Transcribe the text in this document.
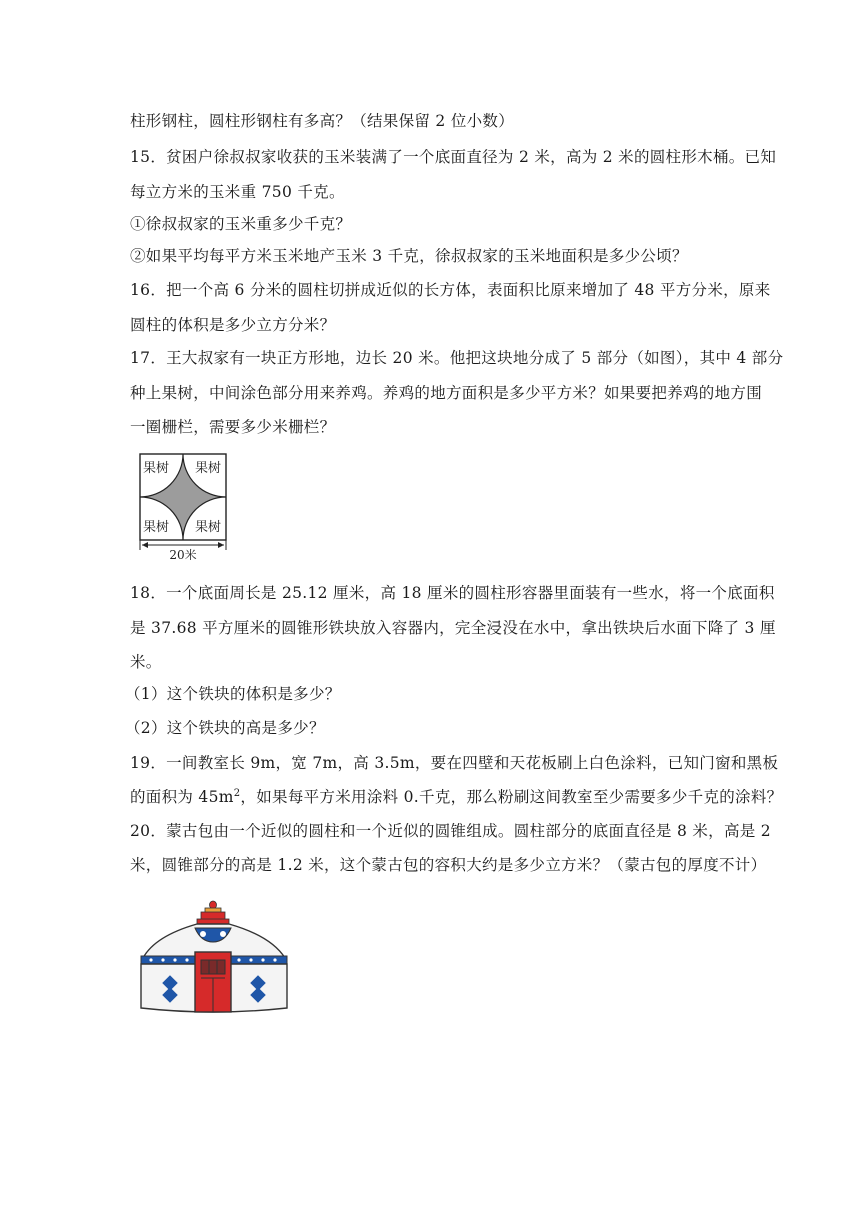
柱形钢柱，圆柱形钢柱有多高？（结果保留 2 位小数）
15．贫困户徐叔叔家收获的玉米装满了一个底面直径为 2 米，高为 2 米的圆柱形木桶。已知
每立方米的玉米重 750 千克。
①徐叔叔家的玉米重多少千克？
②如果平均每平方米玉米地产玉米 3 千克，徐叔叔家的玉米地面积是多少公顷？
16．把一个高 6 分米的圆柱切拼成近似的长方体，表面积比原来增加了 48 平方分米，原来
圆柱的体积是多少立方分米？
17．王大叔家有一块正方形地，边长 20 米。他把这块地分成了 5 部分（如图），其中 4 部分
种上果树，中间涂色部分用来养鸡。养鸡的地方面积是多少平方米？如果要把养鸡的地方围
一圈栅栏，需要多少米栅栏？
果树 果树
果树 果树
20米
18．一个底面周长是 25.12 厘米，高 18 厘米的圆柱形容器里面装有一些水，将一个底面积
是 37.68 平方厘米的圆锥形铁块放入容器内，完全浸没在水中，拿出铁块后水面下降了 3 厘
米。
（1）这个铁块的体积是多少？
（2）这个铁块的高是多少？
19．一间教室长 9m，宽 7m，高 3.5m，要在四壁和天花板刷上白色涂料，已知门窗和黑板
的面积为 $45m^2$，如果每平方米用涂料 0.千克，那么粉刷这间教室至少需要多少千克的涂料？
20．蒙古包由一个近似的圆柱和一个近似的圆锥组成。圆柱部分的底面直径是 8 米，高是 2
米，圆锥部分的高是 1.2 米，这个蒙古包的容积大约是多少立方米？（蒙古包的厚度不计）
